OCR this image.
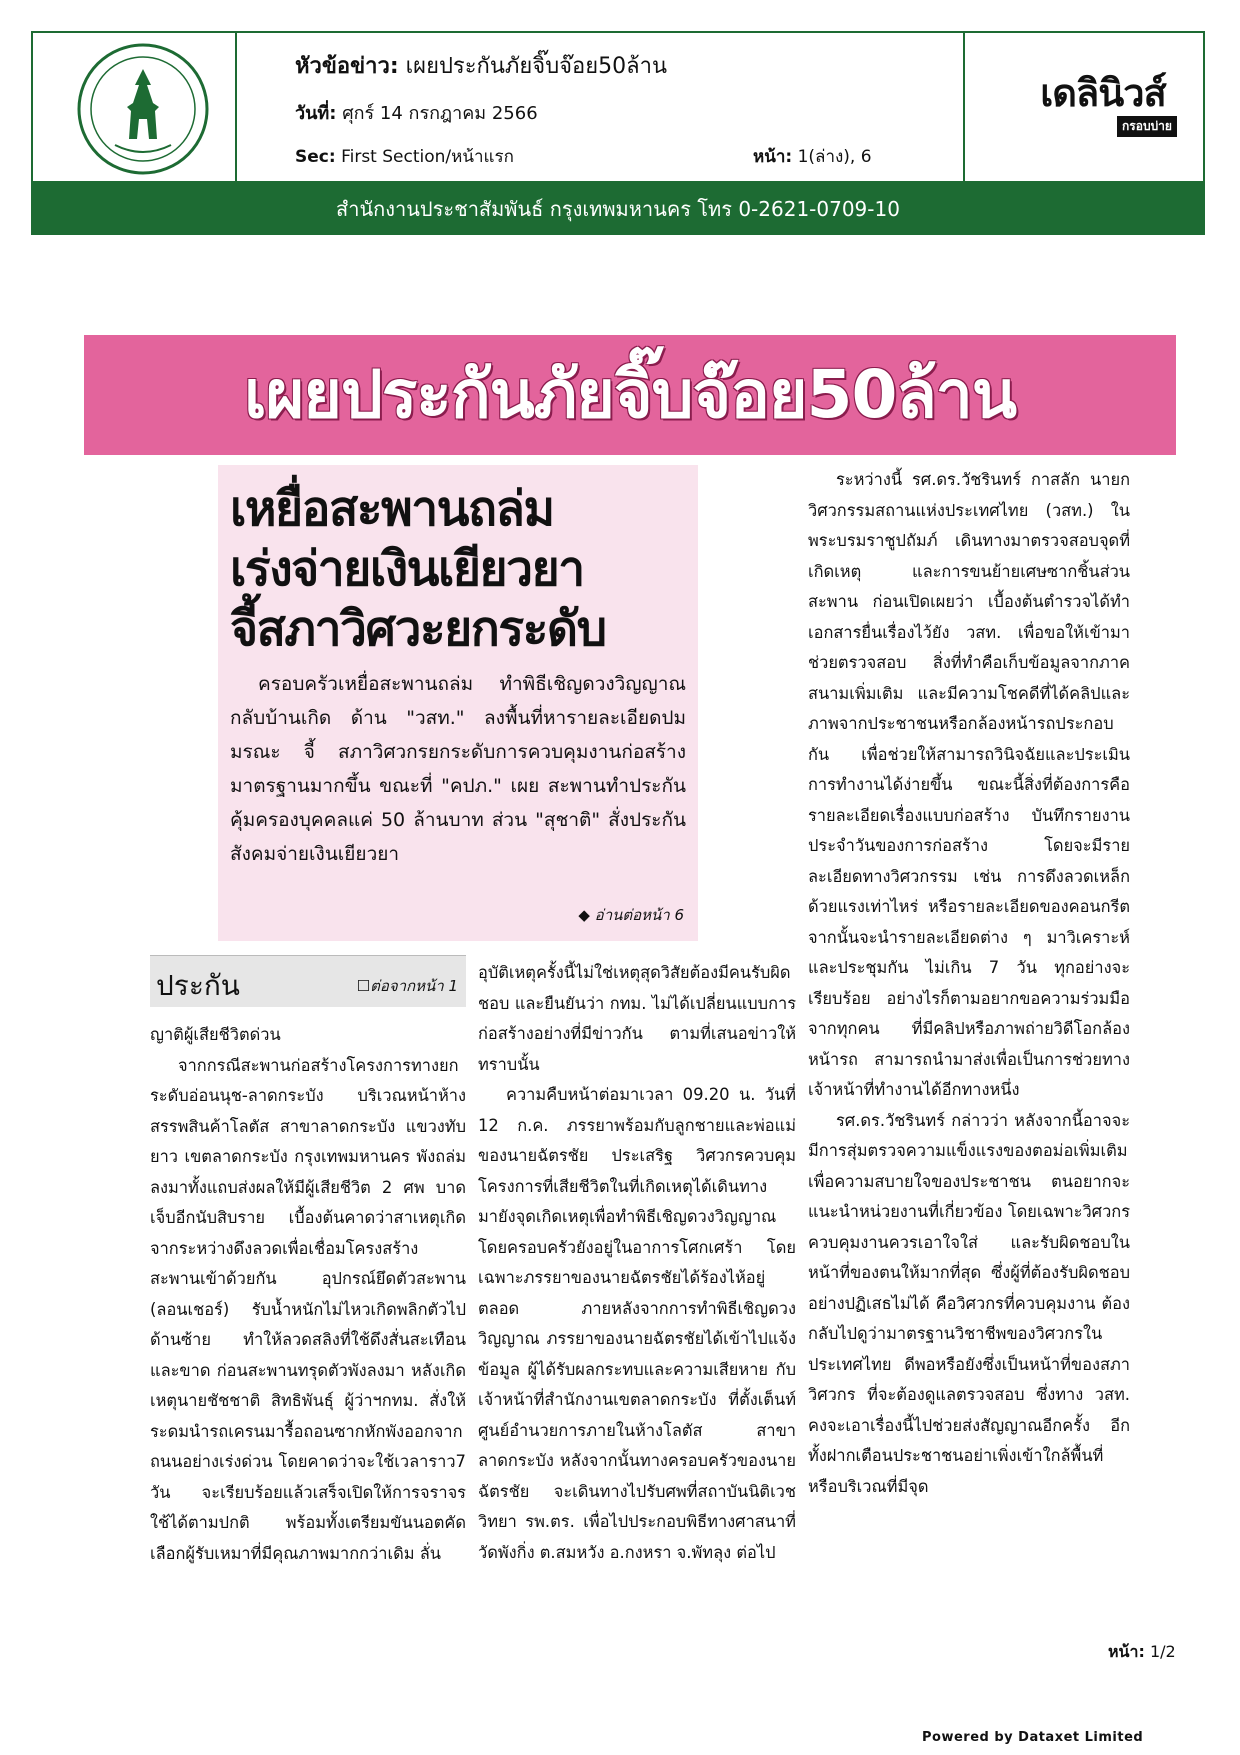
หัวข้อข่าว: เผยประกันภัยจิ๊บจ๊อย50ล้าน
วันที่: ศุกร์ 14 กรกฎาคม 2566
Sec: First Section/หน้าแรก	หน้า: 1(ล่าง), 6
เดลินิวส์
กรอบบ่าย
สำนักงานประชาสัมพันธ์ กรุงเทพมหานคร โทร 0-2621-0709-10
เผยประกันภัยจิ๊บจ๊อย50ล้าน
เหยื่อสะพานถล่ม
เร่งจ่ายเงินเยียวยา
จี้สภาวิศวะยกระดับ
ครอบครัวเหยื่อสะพานถล่ม ทำพิธีเชิญดวงวิญญาณกลับบ้านเกิด ด้าน "วสท." ลงพื้นที่หารายละเอียดปมมรณะ จี้ สภาวิศวกรยกระดับการควบคุมงานก่อสร้างมาตรฐานมากขึ้น ขณะที่ "คปภ." เผย สะพานทำประกันคุ้มครองบุคคลแค่ 50 ล้านบาท ส่วน "สุชาติ" สั่งประกันสังคมจ่ายเงินเยียวยา
◆ อ่านต่อหน้า 6
ประกัน	☐ต่อจากหน้า 1
ญาติผู้เสียชีวิตด่วน

จากกรณีสะพานก่อสร้างโครงการทางยกระดับอ่อนนุช-ลาดกระบัง บริเวณหน้าห้างสรรพสินค้าโลตัส สาขาลาดกระบัง แขวงทับยาว เขตลาดกระบัง กรุงเทพมหานคร พังถล่มลงมาทั้งแถบส่งผลให้มีผู้เสียชีวิต 2 ศพ บาดเจ็บอีกนับสิบราย เบื้องต้นคาดว่าสาเหตุเกิดจากระหว่างดึงลวดเพื่อเชื่อมโครงสร้างสะพานเข้าด้วยกัน อุปกรณ์ยึดตัวสะพาน (ลอนเชอร์) รับน้ำหนักไม่ไหวเกิดพลิกตัวไปด้านซ้าย ทำให้ลวดสลิงที่ใช้ดึงสั่นสะเทือนและขาด ก่อนสะพานทรุดตัวพังลงมา หลังเกิดเหตุนายชัชชาติ สิทธิพันธุ์ ผู้ว่าฯกทม. สั่งให้ระดมนำรถเครนมารื้อถอนซากหักพังออกจากถนนอย่างเร่งด่วน โดยคาดว่าจะใช้เวลาราว7 วัน จะเรียบร้อยแล้วเสร็จเปิดให้การจราจรใช้ได้ตามปกติ พร้อมทั้งเตรียมขันนอตคัดเลือกผู้รับเหมาที่มีคุณภาพมากกว่าเดิม ลั่น

อุบัติเหตุครั้งนี้ไม่ใช่เหตุสุดวิสัยต้องมีคนรับผิดชอบ และยืนยันว่า กทม. ไม่ได้เปลี่ยนแบบการก่อสร้างอย่างที่มีข่าวกัน ตามที่เสนอข่าวให้ทราบนั้น

ความคืบหน้าต่อมาเวลา 09.20 น. วันที่ 12 ก.ค. ภรรยาพร้อมกับลูกชายและพ่อแม่ของนายฉัตรชัย ประเสริฐ วิศวกรควบคุมโครงการที่เสียชีวิตในที่เกิดเหตุได้เดินทางมายังจุดเกิดเหตุเพื่อทำพิธีเชิญดวงวิญญาณ โดยครอบครัวยังอยู่ในอาการโศกเศร้า โดยเฉพาะภรรยาของนายฉัตรชัยได้ร้องไห้อยู่ตลอด ภายหลังจากการทำพิธีเชิญดวงวิญญาณ ภรรยาของนายฉัตรชัยได้เข้าไปแจ้งข้อมูล ผู้ได้รับผลกระทบและความเสียหาย กับเจ้าหน้าที่สำนักงานเขตลาดกระบัง ที่ตั้งเต็นท์ศูนย์อำนวยการภายในห้างโลตัส สาขาลาดกระบัง หลังจากนั้นทางครอบครัวของนายฉัตรชัย จะเดินทางไปรับศพที่สถาบันนิติเวชวิทยา รพ.ตร. เพื่อไปประกอบพิธีทางศาสนาที่วัดพังกิ่ง ต.สมหวัง อ.กงหรา จ.พัทลุง ต่อไป

ระหว่างนี้ รศ.ดร.วัชรินทร์ กาสลัก นายกวิศวกรรมสถานแห่งประเทศไทย (วสท.) ในพระบรมราชูปถัมภ์ เดินทางมาตรวจสอบจุดที่เกิดเหตุ และการขนย้ายเศษซากชิ้นส่วนสะพาน ก่อนเปิดเผยว่า เบื้องต้นตำรวจได้ทำเอกสารยื่นเรื่องไว้ยัง วสท. เพื่อขอให้เข้ามาช่วยตรวจสอบ สิ่งที่ทำคือเก็บข้อมูลจากภาคสนามเพิ่มเติม และมีความโชคดีที่ได้คลิปและภาพจากประชาชนหรือกล้องหน้ารถประกอบกัน เพื่อช่วยให้สามารถวินิจฉัยและประเมินการทำงานได้ง่ายขึ้น ขณะนี้สิ่งที่ต้องการคือรายละเอียดเรื่องแบบก่อสร้าง บันทึกรายงานประจำวันของการก่อสร้าง โดยจะมีรายละเอียดทางวิศวกรรม เช่น การดึงลวดเหล็กด้วยแรงเท่าไหร่ หรือรายละเอียดของคอนกรีต จากนั้นจะนำรายละเอียดต่าง ๆ มาวิเคราะห์และประชุมกัน ไม่เกิน 7 วัน ทุกอย่างจะเรียบร้อย อย่างไรก็ตามอยากขอความร่วมมือจากทุกคน ที่มีคลิปหรือภาพถ่ายวิดีโอกล้องหน้ารถ สามารถนำมาส่งเพื่อเป็นการช่วยทางเจ้าหน้าที่ทำงานได้อีกทางหนึ่ง

รศ.ดร.วัชรินทร์ กล่าวว่า หลังจากนี้อาจจะมีการสุ่มตรวจความแข็งแรงของตอม่อเพิ่มเติม เพื่อความสบายใจของประชาชน ตนอยากจะแนะนำหน่วยงานที่เกี่ยวข้อง โดยเฉพาะวิศวกรควบคุมงานควรเอาใจใส่ และรับผิดชอบในหน้าที่ของตนให้มากที่สุด ซึ่งผู้ที่ต้องรับผิดชอบอย่างปฏิเสธไม่ได้ คือวิศวกรที่ควบคุมงาน ต้องกลับไปดูว่ามาตรฐานวิชาชีพของวิศวกรในประเทศไทย ดีพอหรือยังซึ่งเป็นหน้าที่ของสภาวิศวกร ที่จะต้องดูแลตรวจสอบ ซึ่งทาง วสท. คงจะเอาเรื่องนี้ไปช่วยส่งสัญญาณอีกครั้ง อีกทั้งฝากเตือนประชาชนอย่าเพิ่งเข้าใกล้พื้นที่ หรือบริเวณที่มีจุด

หน้า: 1/2
Powered by Dataxet Limited
